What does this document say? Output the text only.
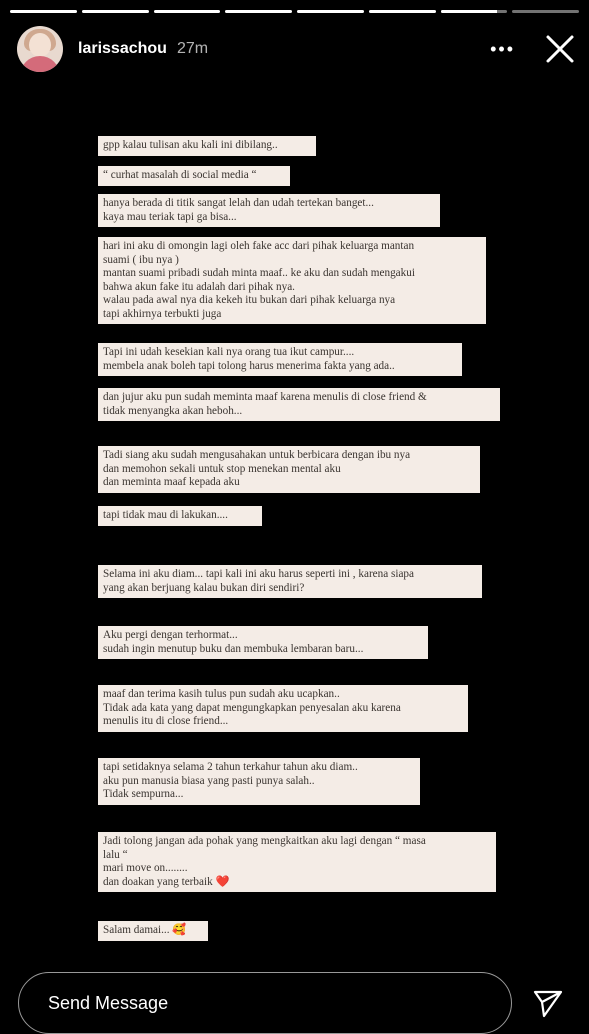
larissachou 27m	•••
gpp kalau tulisan aku kali ini dibilang..
“ curhat masalah di social media “
hanya berada di titik sangat lelah dan udah tertekan banget...
kaya mau teriak tapi ga bisa...
hari ini aku di omongin lagi oleh fake acc dari pihak keluarga mantan
suami ( ibu nya )
mantan suami pribadi sudah minta maaf.. ke aku dan sudah mengakui
bahwa akun fake itu adalah dari pihak nya.
walau pada awal nya dia kekeh itu bukan dari pihak keluarga nya
tapi akhirnya terbukti juga
Tapi ini udah kesekian kali nya orang tua ikut campur....
membela anak boleh tapi tolong harus menerima fakta yang ada..
dan jujur aku pun sudah meminta maaf karena menulis di close friend &
tidak menyangka akan heboh...
Tadi siang aku sudah mengusahakan untuk berbicara dengan ibu nya
dan memohon sekali untuk stop menekan mental aku
dan meminta maaf kepada aku
tapi tidak mau di lakukan....
Selama ini aku diam... tapi kali ini aku harus seperti ini , karena siapa
yang akan berjuang kalau bukan diri sendiri?
Aku pergi dengan terhormat...
sudah ingin menutup buku dan membuka lembaran baru...
maaf dan terima kasih tulus pun sudah aku ucapkan..
Tidak ada kata yang dapat mengungkapkan penyesalan aku karena
menulis itu di close friend...
tapi setidaknya selama 2 tahun terkahur tahun aku diam..
aku pun manusia biasa yang pasti punya salah..
Tidak sempurna...
Jadi tolong jangan ada pohak yang mengkaitkan aku lagi dengan “ masa
lalu “
mari move on........
dan doakan yang terbaik ❤️
Salam damai... 🥰
Send Message
